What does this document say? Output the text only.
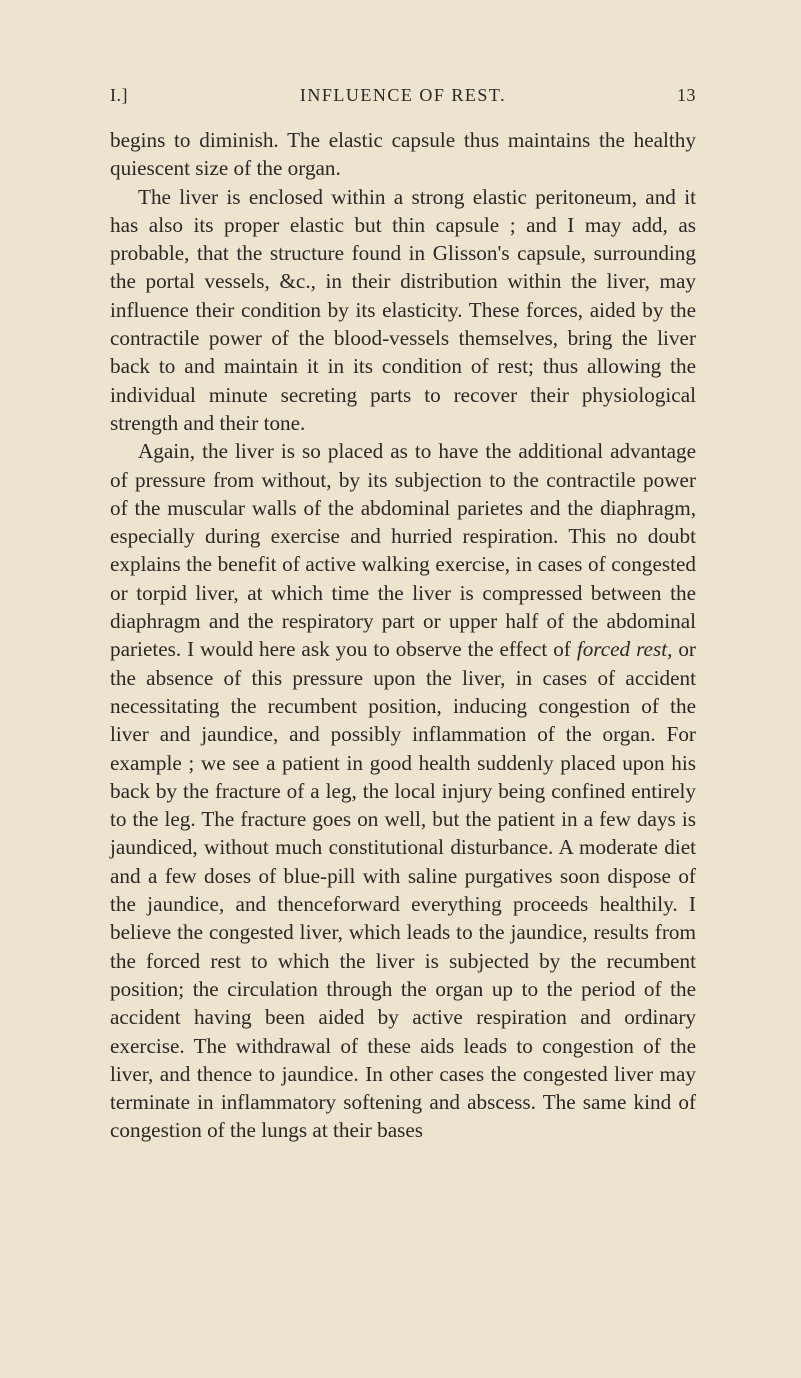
I.]	INFLUENCE OF REST.	13

begins to diminish. The elastic capsule thus maintains the healthy quiescent size of the organ.

The liver is enclosed within a strong elastic peritoneum, and it has also its proper elastic but thin capsule ; and I may add, as probable, that the structure found in Glisson's capsule, surrounding the portal vessels, &c., in their distribution within the liver, may influence their condition by its elasticity. These forces, aided by the contractile power of the blood-vessels themselves, bring the liver back to and maintain it in its condition of rest; thus allowing the individual minute secreting parts to recover their physiological strength and their tone.

Again, the liver is so placed as to have the additional advantage of pressure from without, by its subjection to the contractile power of the muscular walls of the abdominal parietes and the diaphragm, especially during exercise and hurried respiration. This no doubt explains the benefit of active walking exercise, in cases of congested or torpid liver, at which time the liver is compressed between the diaphragm and the respiratory part or upper half of the abdominal parietes. I would here ask you to observe the effect of forced rest, or the absence of this pressure upon the liver, in cases of accident necessitating the recumbent position, inducing congestion of the liver and jaundice, and possibly inflammation of the organ. For example ; we see a patient in good health suddenly placed upon his back by the fracture of a leg, the local injury being confined entirely to the leg. The fracture goes on well, but the patient in a few days is jaundiced, without much constitutional disturbance. A moderate diet and a few doses of blue-pill with saline purgatives soon dispose of the jaundice, and thenceforward everything proceeds healthily. I believe the congested liver, which leads to the jaundice, results from the forced rest to which the liver is subjected by the recumbent position; the circulation through the organ up to the period of the accident having been aided by active respiration and ordinary exercise. The withdrawal of these aids leads to congestion of the liver, and thence to jaundice. In other cases the congested liver may terminate in inflammatory softening and abscess. The same kind of congestion of the lungs at their bases
